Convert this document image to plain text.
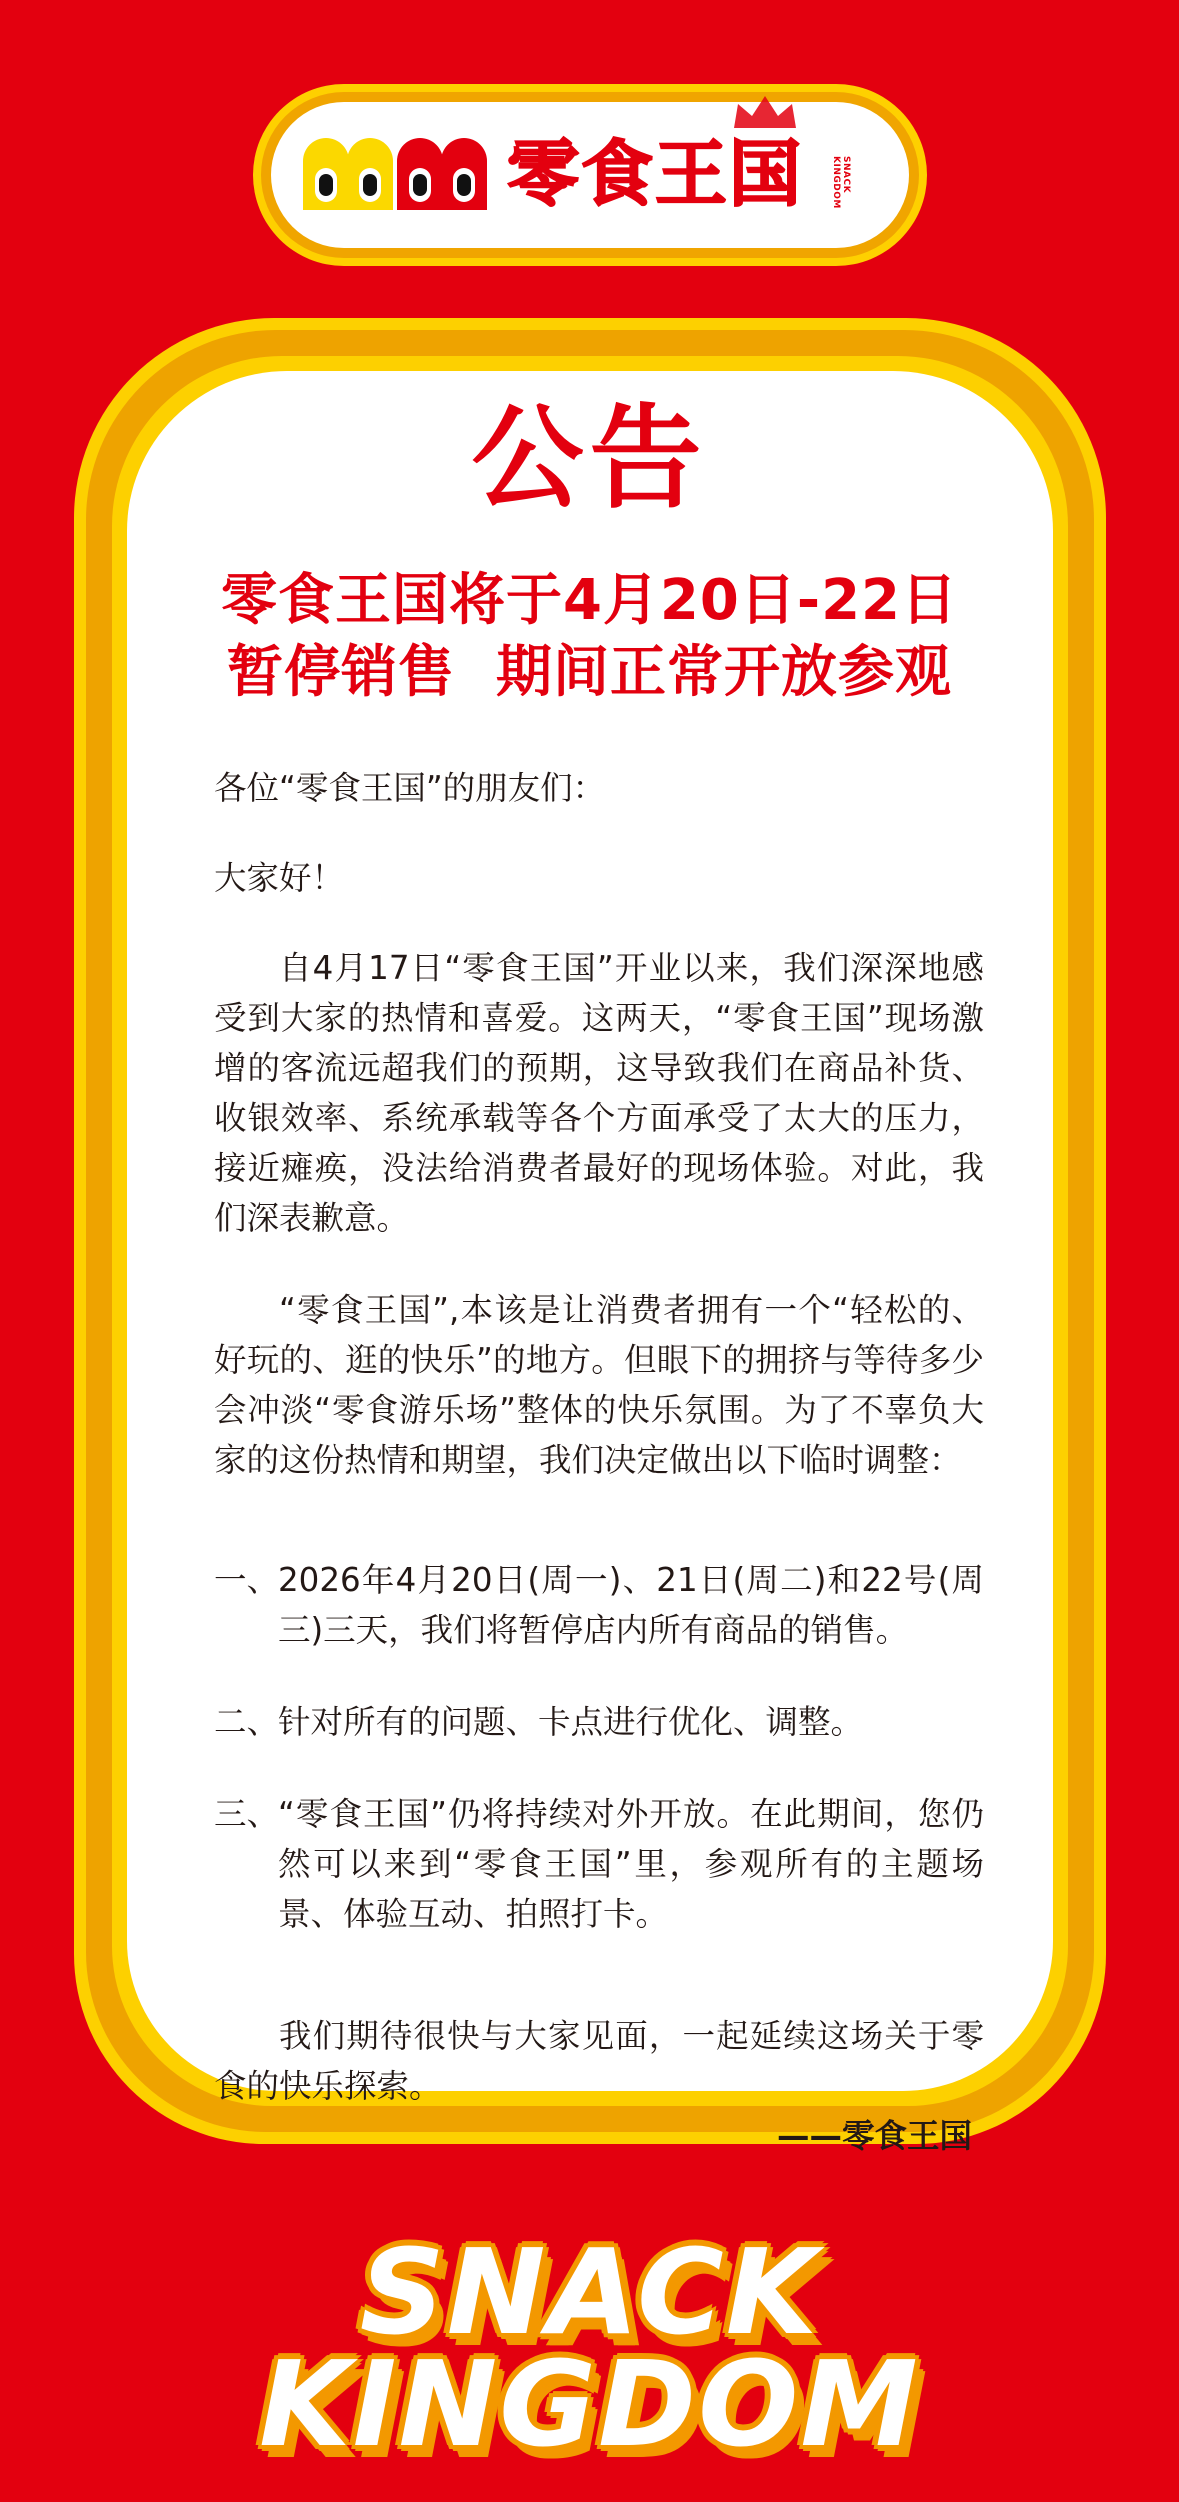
零食王国	SNACK KINGDOM
公告
零食王国将于4月20日-22日
暂停销售  期间正常开放参观

各位“零食王国”的朋友们：

大家好！

自4月17日“零食王国”开业以来，我们深深地感受到大家的热情和喜爱。这两天，“零食王国”现场激增的客流远超我们的预期，这导致我们在商品补货、收银效率、系统承载等各个方面承受了太大的压力，接近瘫痪，没法给消费者最好的现场体验。对此，我们深表歉意。

“零食王国”,本该是让消费者拥有一个“轻松的、好玩的、逛的快乐”的地方。但眼下的拥挤与等待多少会冲淡“零食游乐场”整体的快乐氛围。为了不辜负大家的这份热情和期望，我们决定做出以下临时调整：

一、
2026年4月20日(周一)、21日(周二)和22号(周三)三天，我们将暂停店内所有商品的销售。
二、
针对所有的问题、卡点进行优化、调整。
三、
“零食王国”仍将持续对外开放。在此期间，您仍然可以来到“零食王国”里，参观所有的主题场景、体验互动、拍照打卡。

我们期待很快与大家见面，一起延续这场关于零食的快乐探索。

——零食王国

SNACK
KINGDOM
